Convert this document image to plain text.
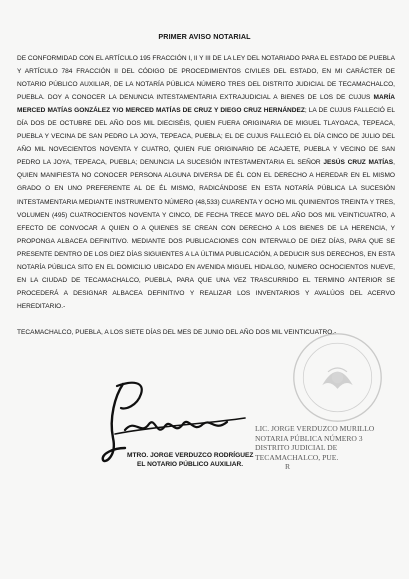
PRIMER AVISO NOTARIAL

DE CONFORMIDAD CON EL ARTÍCULO 195 FRACCIÓN I, II Y III DE LA LEY DEL NOTARIADO PARA EL ESTADO DE PUEBLA Y ARTÍCULO 784 FRACCIÓN II DEL CÓDIGO DE PROCEDIMIENTOS CIVILES DEL ESTADO, EN MI CARÁCTER DE NOTARIO PÚBLICO AUXILIAR, DE LA NOTARÍA PÚBLICA NÚMERO TRES DEL DISTRITO JUDICIAL DE TECAMACHALCO, PUEBLA. DOY A CONOCER LA DENUNCIA INTESTAMENTARIA EXTRAJUDICIAL A BIENES DE LOS DE CUJUS MARÍA MERCED MATÍAS GONZÁLEZ Y/O MERCED MATÍAS DE CRUZ Y DIEGO CRUZ HERNÁNDEZ; LA DE CUJUS FALLECIÓ EL DÍA DOS DE OCTUBRE DEL AÑO DOS MIL DIECISÉIS, QUIEN FUERA ORIGINARIA DE MIGUEL TLAYOACA, TEPEACA, PUEBLA Y VECINA DE SAN PEDRO LA JOYA, TEPEACA, PUEBLA; EL DE CUJUS FALLECIÓ EL DÍA CINCO DE JULIO DEL AÑO MIL NOVECIENTOS NOVENTA Y CUATRO, QUIEN FUE ORIGINARIO DE ACAJETE, PUEBLA Y VECINO DE SAN PEDRO LA JOYA, TEPEACA, PUEBLA; DENUNCIA LA SUCESIÓN INTESTAMENTARIA EL SEÑOR JESÚS CRUZ MATÍAS, QUIEN MANIFIESTA NO CONOCER PERSONA ALGUNA DIVERSA DE ÉL CON EL DERECHO A HEREDAR EN EL MISMO GRADO O EN UNO PREFERENTE AL DE ÉL MISMO, RADICÁNDOSE EN ESTA NOTARÍA PÚBLICA LA SUCESIÓN INTESTAMENTARIA MEDIANTE INSTRUMENTO NÚMERO (48,533) CUARENTA Y OCHO MIL QUINIENTOS TREINTA Y TRES, VOLUMEN (495) CUATROCIENTOS NOVENTA Y CINCO, DE FECHA TRECE MAYO DEL AÑO DOS MIL VEINTICUATRO, A EFECTO DE CONVOCAR A QUIEN O A QUIENES SE CREAN CON DERECHO A LOS BIENES DE LA HERENCIA, Y PROPONGA ALBACEA DEFINITIVO. MEDIANTE DOS PUBLICACIONES CON INTERVALO DE DIEZ DÍAS, PARA QUE SE PRESENTE DENTRO DE LOS DIEZ DÍAS SIGUIENTES A LA ÚLTIMA PUBLICACIÓN, A DEDUCIR SUS DERECHOS, EN ESTA NOTARÍA PÚBLICA SITO EN EL DOMICILIO UBICADO EN AVENIDA MIGUEL HIDALGO, NUMERO OCHOCIENTOS NUEVE, EN LA CIUDAD DE TECAMACHALCO, PUEBLA, PARA QUE UNA VEZ TRASCURRIDO EL TERMINO ANTERIOR SE PROCEDERÁ A DESIGNAR ALBACEA DEFINITIVO Y REALIZAR LOS INVENTARIOS Y AVALÚOS DEL ACERVO HEREDITARIO.-

TECAMACHALCO, PUEBLA, A LOS SIETE DÍAS DEL MES DE JUNIO DEL AÑO DOS MIL VEINTICUATRO.-

LIC. JORGE VERDUZCO MURILLO
NOTARIA PÚBLICA NÚMERO 3
DISTRITO JUDICIAL DE
TECAMACHALCO, PUE.
R
MTRO. JORGE VERDUZCO RODRÍGUEZ
EL NOTARIO PÚBLICO AUXILIAR.
